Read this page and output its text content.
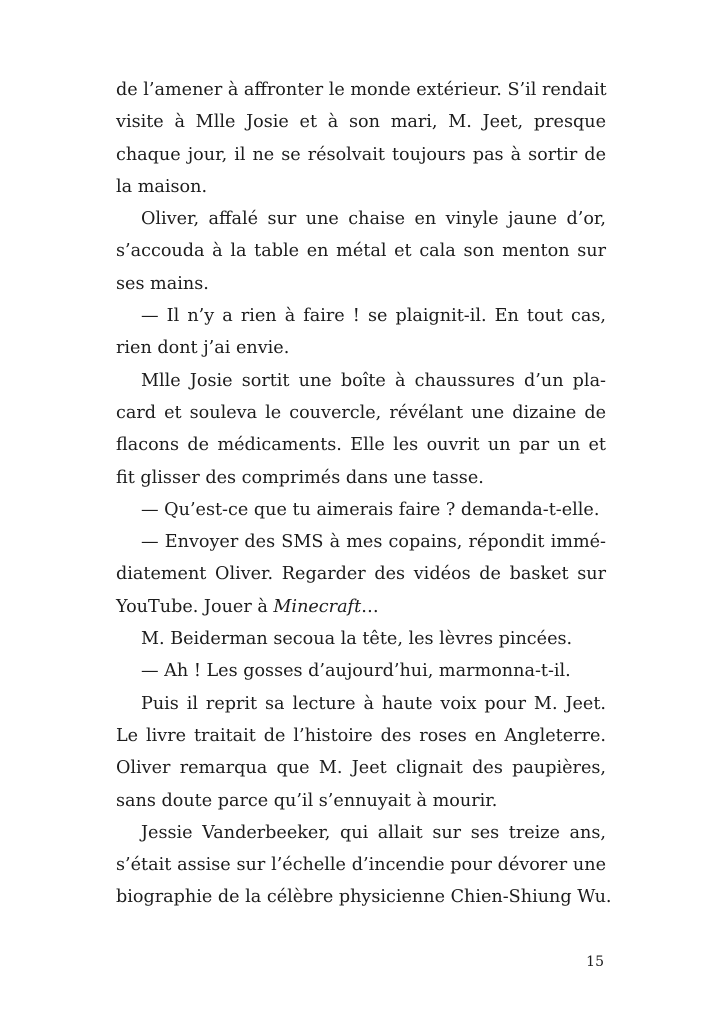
de l’amener à affronter le monde extérieur. S’il rendait
visite à Mlle Josie et à son mari, M. Jeet, presque
chaque jour, il ne se résolvait toujours pas à sortir de
la maison.
Oliver, affalé sur une chaise en vinyle jaune d’or,
s’accouda à la table en métal et cala son menton sur
ses mains.
— Il n’y a rien à faire ! se plaignit-il. En tout cas,
rien dont j’ai envie.
Mlle Josie sortit une boîte à chaussures d’un pla-
card et souleva le couvercle, révélant une dizaine de
flacons de médicaments. Elle les ouvrit un par un et
fit glisser des comprimés dans une tasse.
— Qu’est-ce que tu aimerais faire ? demanda-t-elle.
— Envoyer des SMS à mes copains, répondit immé-
diatement Oliver. Regarder des vidéos de basket sur
YouTube. Jouer à Minecraft…
M. Beiderman secoua la tête, les lèvres pincées.
— Ah ! Les gosses d’aujourd’hui, marmonna-t-il.
Puis il reprit sa lecture à haute voix pour M. Jeet.
Le livre traitait de l’histoire des roses en Angleterre.
Oliver remarqua que M. Jeet clignait des paupières,
sans doute parce qu’il s’ennuyait à mourir.
Jessie Vanderbeeker, qui allait sur ses treize ans,
s’était assise sur l’échelle d’incendie pour dévorer une
biographie de la célèbre physicienne Chien-Shiung Wu.
15
